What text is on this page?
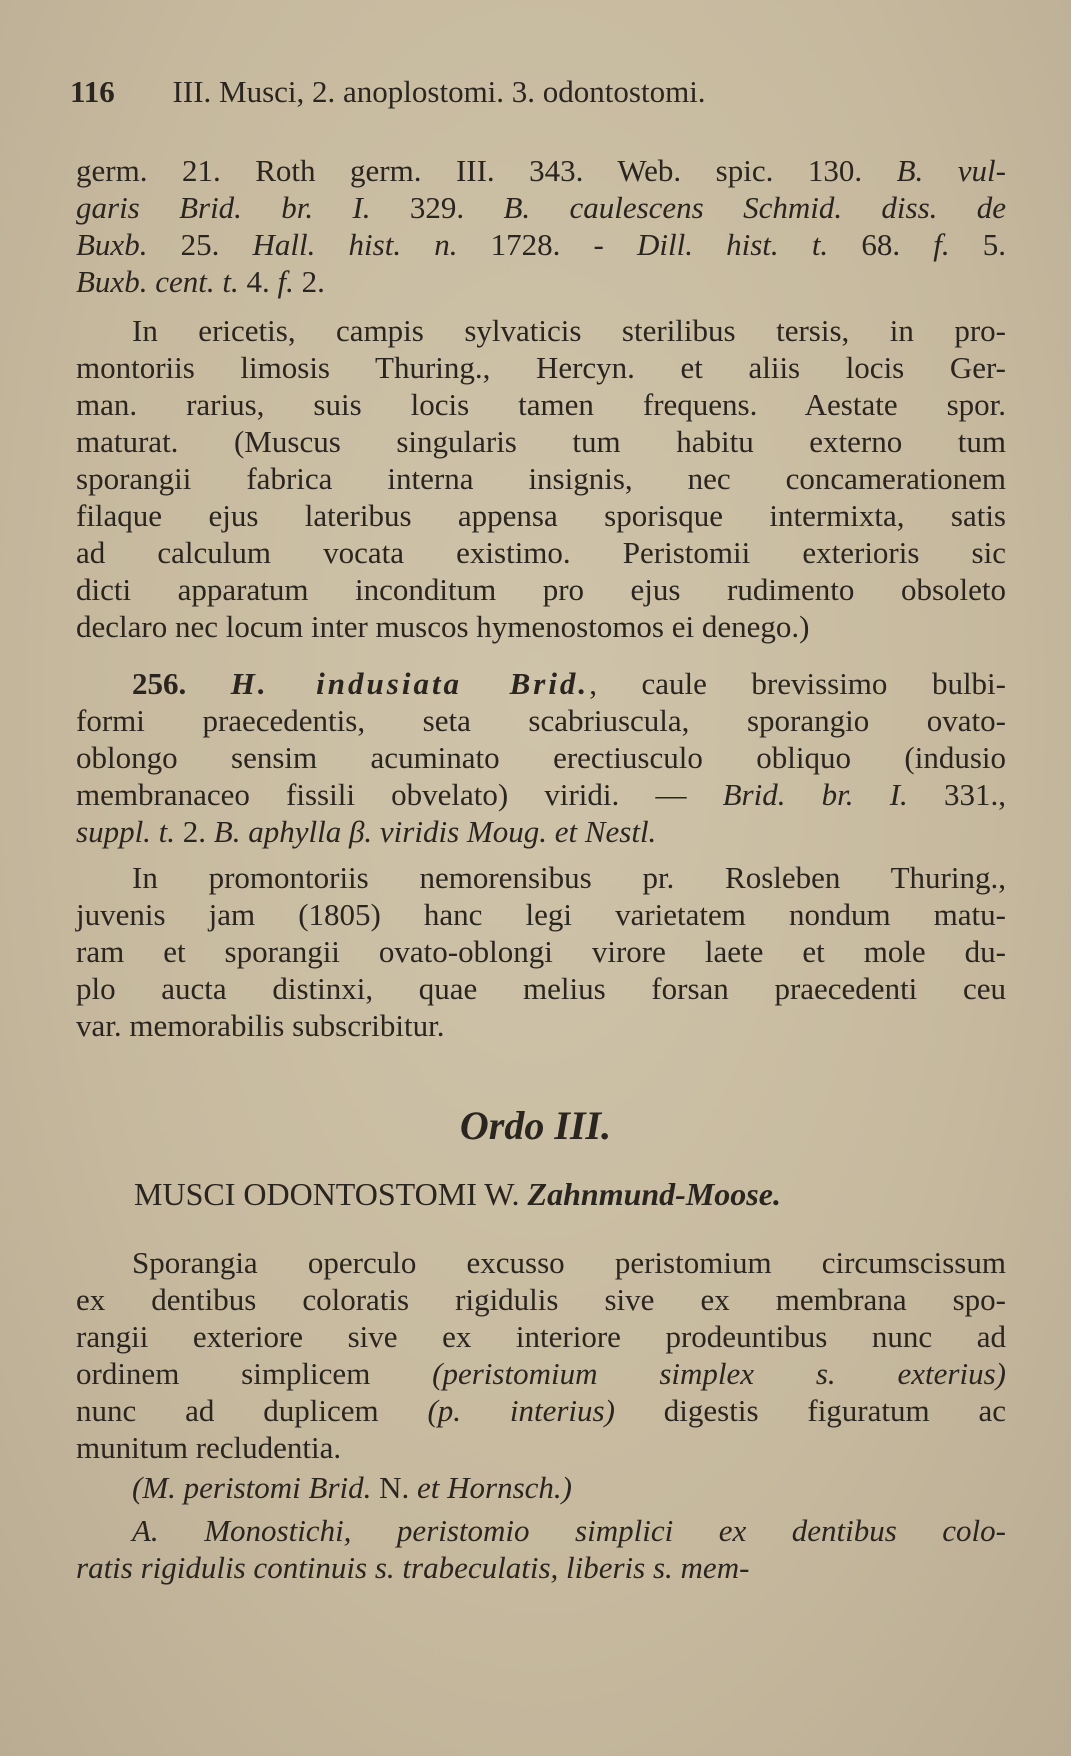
116 III. Musci, 2. anoplostomi. 3. odontostomi.
germ. 21. Roth germ. III. 343. Web. spic. 130. B. vul-
garis Brid. br. I. 329. B. caulescens Schmid. diss. de
Buxb. 25. Hall. hist. n. 1728. - Dill. hist. t. 68. f. 5.
Buxb. cent. t. 4. f. 2.
In ericetis, campis sylvaticis sterilibus tersis, in pro-
montoriis limosis Thuring., Hercyn. et aliis locis Ger-
man. rarius, suis locis tamen frequens. Aestate spor.
maturat. (Muscus singularis tum habitu externo tum
sporangii fabrica interna insignis, nec concamerationem
filaque ejus lateribus appensa sporisque intermixta, satis
ad calculum vocata existimo. Peristomii exterioris sic
dicti apparatum inconditum pro ejus rudimento obsoleto
declaro nec locum inter muscos hymenostomos ei denego.)
256. H. indusiata Brid., caule brevissimo bulbi-
formi praecedentis, seta scabriuscula, sporangio ovato-
oblongo sensim acuminato erectiusculo obliquo (indusio
membranaceo fissili obvelato) viridi. — Brid. br. I. 331.,
suppl. t. 2. B. aphylla β. viridis Moug. et Nestl.
In promontoriis nemorensibus pr. Rosleben Thuring.,
juvenis jam (1805) hanc legi varietatem nondum matu-
ram et sporangii ovato-oblongi virore laete et mole du-
plo aucta distinxi, quae melius forsan praecedenti ceu
var. memorabilis subscribitur.
Ordo III.
MUSCI ODONTOSTOMI W. Zahnmund-Moose.
Sporangia operculo excusso peristomium circumscissum
ex dentibus coloratis rigidulis sive ex membrana spo-
rangii exteriore sive ex interiore prodeuntibus nunc ad
ordinem simplicem (peristomium simplex s. exterius)
nunc ad duplicem (p. interius) digestis figuratum ac
munitum recludentia.
(M. peristomi Brid. N. et Hornsch.)
A. Monostichi, peristomio simplici ex dentibus colo-
ratis rigidulis continuis s. trabeculatis, liberis s. mem-
